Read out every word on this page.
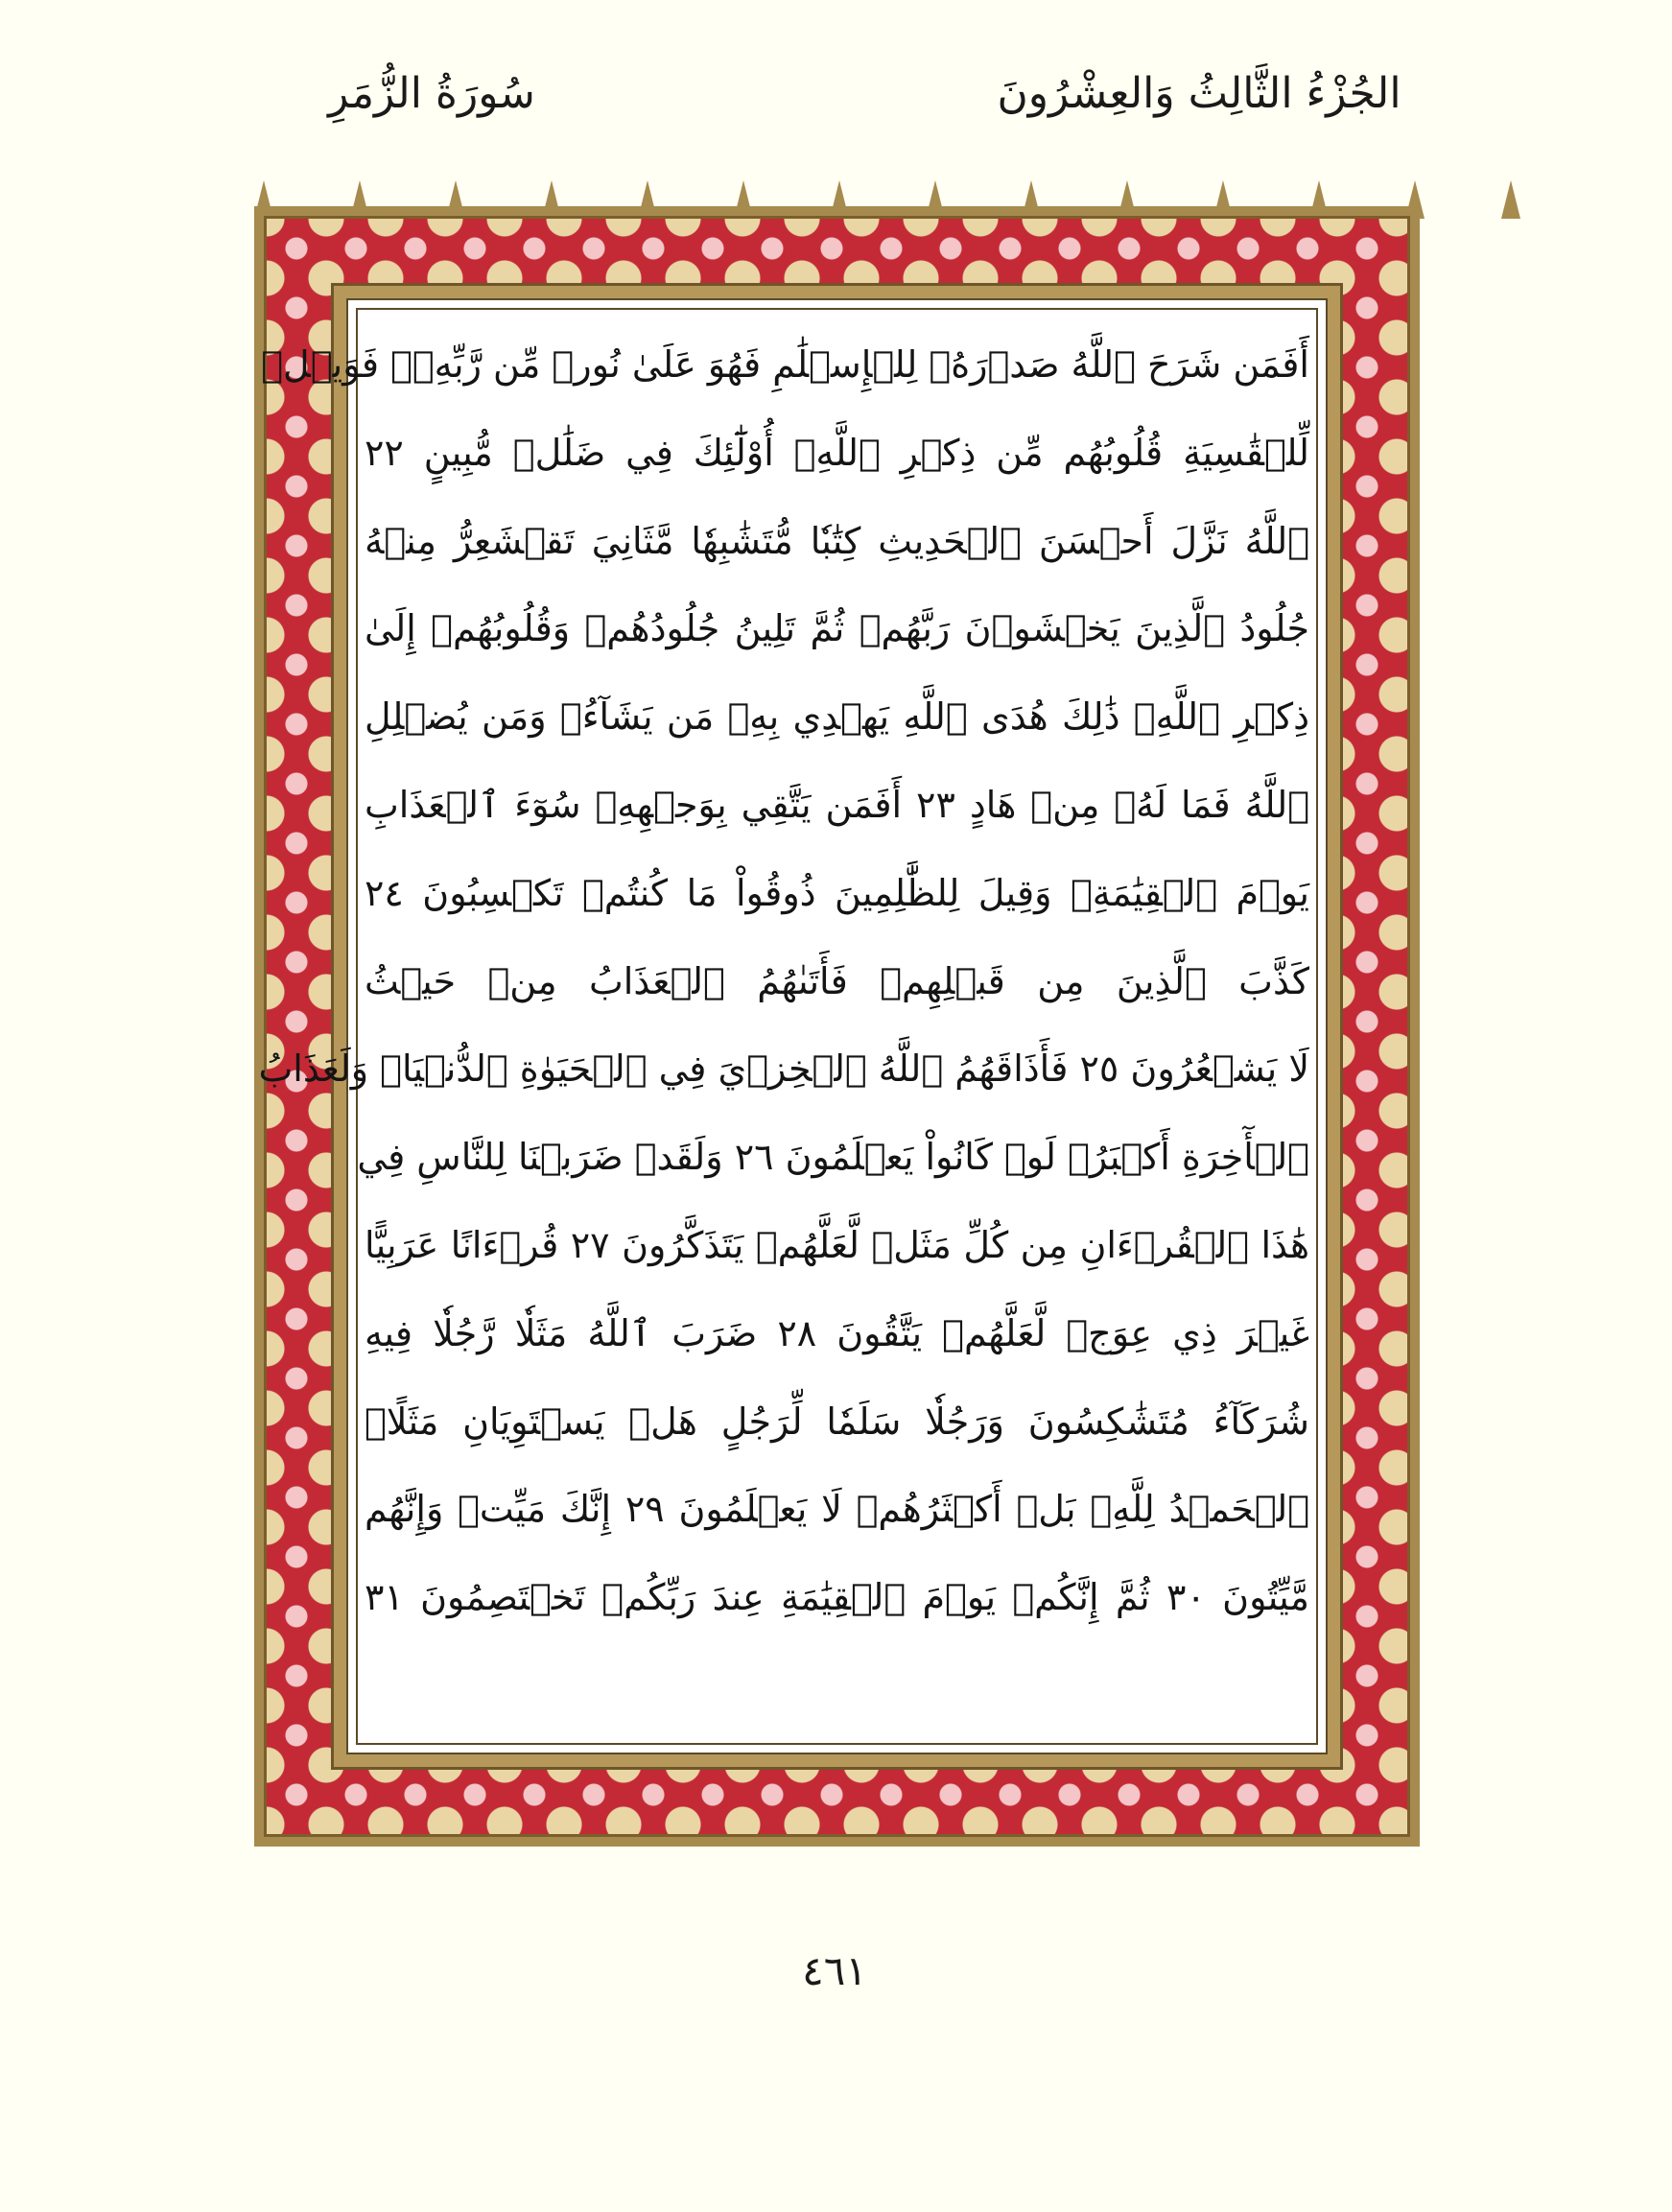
الجُزْءُ الثَّالِثُ وَالعِشْرُونَ
سُورَةُ الزُّمَرِ
أَفَمَن شَرَحَ ٱللَّهُ صَدۡرَهُۥ لِلۡإِسۡلَٰمِ فَهُوَ عَلَىٰ نُورٖ مِّن رَّبِّهِۦۚ فَوَيۡلٞ
لِّلۡقَٰسِيَةِ قُلُوبُهُم مِّن ذِكۡرِ ٱللَّهِۚ أُوْلَٰٓئِكَ فِي ضَلَٰلٖ مُّبِينٍ ٢٢
ٱللَّهُ نَزَّلَ أَحۡسَنَ ٱلۡحَدِيثِ كِتَٰبٗا مُّتَشَٰبِهٗا مَّثَانِيَ تَقۡشَعِرُّ مِنۡهُ
جُلُودُ ٱلَّذِينَ يَخۡشَوۡنَ رَبَّهُمۡ ثُمَّ تَلِينُ جُلُودُهُمۡ وَقُلُوبُهُمۡ إِلَىٰ
ذِكۡرِ ٱللَّهِۚ ذَٰلِكَ هُدَى ٱللَّهِ يَهۡدِي بِهِۦ مَن يَشَآءُۚ وَمَن يُضۡلِلِ
ٱللَّهُ فَمَا لَهُۥ مِنۡ هَادٍ ٢٣ أَفَمَن يَتَّقِي بِوَجۡهِهِۦ سُوٓءَ ٱلۡعَذَابِ
يَوۡمَ ٱلۡقِيَٰمَةِۚ وَقِيلَ لِلظَّٰلِمِينَ ذُوقُواْ مَا كُنتُمۡ تَكۡسِبُونَ ٢٤
كَذَّبَ ٱلَّذِينَ مِن قَبۡلِهِمۡ فَأَتَىٰهُمُ ٱلۡعَذَابُ مِنۡ حَيۡثُ
لَا يَشۡعُرُونَ ٢٥ فَأَذَاقَهُمُ ٱللَّهُ ٱلۡخِزۡيَ فِي ٱلۡحَيَوٰةِ ٱلدُّنۡيَاۖ وَلَعَذَابُ
ٱلۡأٓخِرَةِ أَكۡبَرُۚ لَوۡ كَانُواْ يَعۡلَمُونَ ٢٦ وَلَقَدۡ ضَرَبۡنَا لِلنَّاسِ فِي
هَٰذَا ٱلۡقُرۡءَانِ مِن كُلِّ مَثَلٖ لَّعَلَّهُمۡ يَتَذَكَّرُونَ ٢٧ قُرۡءَانًا عَرَبِيًّا
غَيۡرَ ذِي عِوَجٖ لَّعَلَّهُمۡ يَتَّقُونَ ٢٨ ضَرَبَ ٱللَّهُ مَثَلٗا رَّجُلٗا فِيهِ
شُرَكَآءُ مُتَشَٰكِسُونَ وَرَجُلٗا سَلَمٗا لِّرَجُلٍ هَلۡ يَسۡتَوِيَانِ مَثَلًاۚ
ٱلۡحَمۡدُ لِلَّهِۚ بَلۡ أَكۡثَرُهُمۡ لَا يَعۡلَمُونَ ٢٩ إِنَّكَ مَيِّتٞ وَإِنَّهُم
مَّيِّتُونَ ٣٠ ثُمَّ إِنَّكُمۡ يَوۡمَ ٱلۡقِيَٰمَةِ عِندَ رَبِّكُمۡ تَخۡتَصِمُونَ ٣١
٤٦١
